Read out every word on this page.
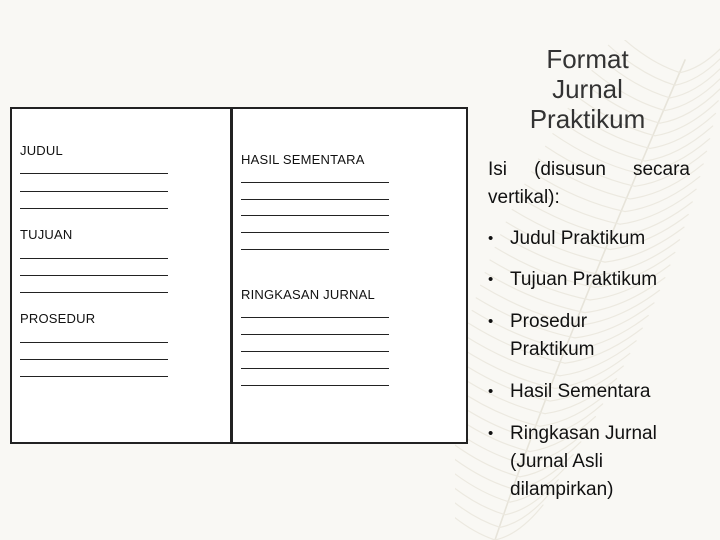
JUDUL
TUJUAN
PROSEDUR
HASIL SEMENTARA
RINGKASAN JURNAL
Format
Jurnal
Praktikum
Isi (disusun secara vertikal):
• Judul Praktikum
• Tujuan Praktikum
• Prosedur
Praktikum
• Hasil Sementara
• Ringkasan Jurnal
(Jurnal Asli
dilampirkan)
